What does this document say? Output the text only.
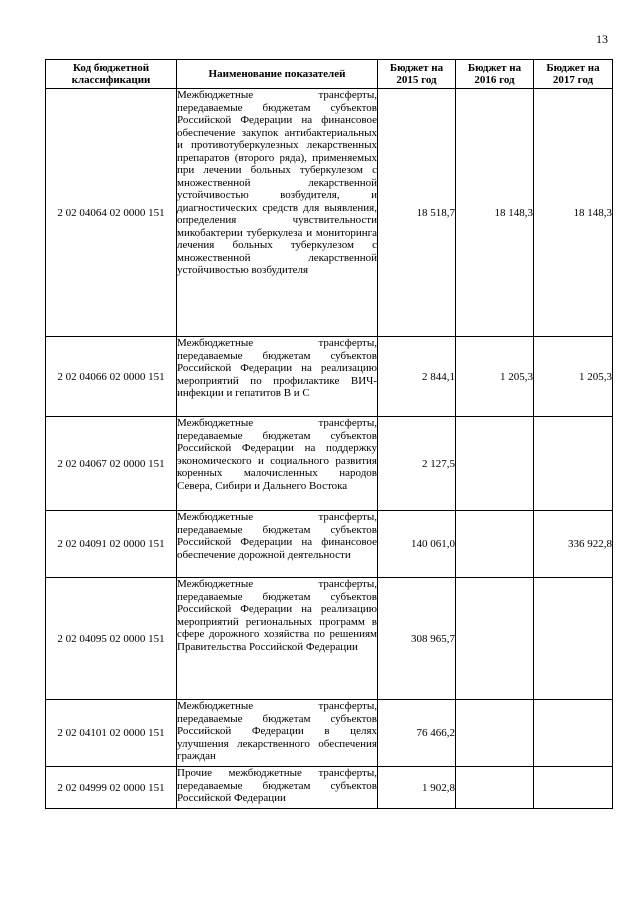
13
Код бюджетной классификации	Наименование показателей	Бюджет на 2015 год	Бюджет на 2016 год	Бюджет на 2017 год
2 02 04064 02 0000 151	Межбюджетные трансферты, передаваемые бюджетам субъектов Российской Федерации на финансовое обеспечение закупок антибактериальных и противотуберкулезных лекарственных препаратов (второго ряда), применяемых при лечении больных туберкулезом с множественной лекарственной устойчивостью возбудителя, и диагностических средств для выявления, определения чувствительности микобактерии туберкулеза и мониторинга лечения больных туберкулезом с множественной лекарственной устойчивостью возбудителя	18 518,7	18 148,3	18 148,3
2 02 04066 02 0000 151	Межбюджетные трансферты, передаваемые бюджетам субъектов Российской Федерации на реализацию мероприятий по профилактике ВИЧ-инфекции и гепатитов В и С	2 844,1	1 205,3	1 205,3
2 02 04067 02 0000 151	Межбюджетные трансферты, передаваемые бюджетам субъектов Российской Федерации на поддержку экономического и социального развития коренных малочисленных народов Севера, Сибири и Дальнего Востока	2 127,5		
2 02 04091 02 0000 151	Межбюджетные трансферты, передаваемые бюджетам субъектов Российской Федерации на финансовое обеспечение дорожной деятельности	140 061,0		336 922,8
2 02 04095 02 0000 151	Межбюджетные трансферты, передаваемые бюджетам субъектов Российской Федерации на реализацию мероприятий региональных программ в сфере дорожного хозяйства по решениям Правительства Российской Федерации	308 965,7		
2 02 04101 02 0000 151	Межбюджетные трансферты, передаваемые бюджетам субъектов Российской Федерации в целях улучшения лекарственного обеспечения граждан	76 466,2		
2 02 04999 02 0000 151	Прочие межбюджетные трансферты, передаваемые бюджетам субъектов Российской Федерации	1 902,8		
